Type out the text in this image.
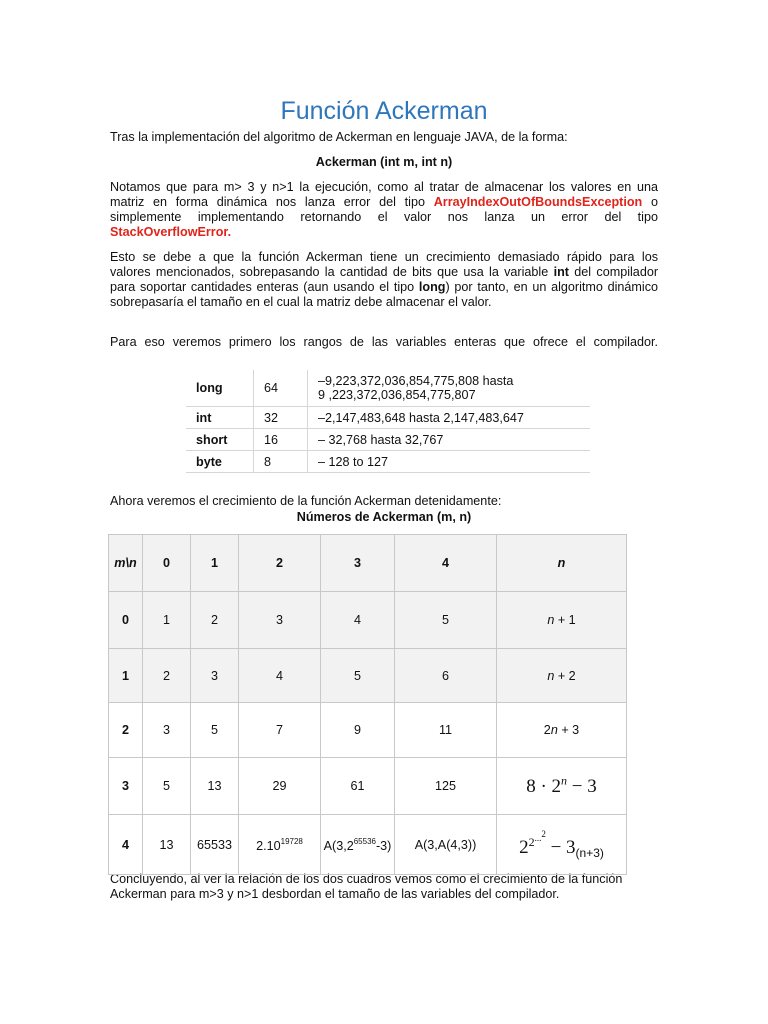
Función Ackerman

Tras la implementación del algoritmo de Ackerman en lenguaje JAVA, de la forma:

Ackerman (int m, int n)

Notamos que para m> 3 y n>1 la ejecución, como al tratar de almacenar los valores en una
matriz en forma dinámica nos lanza error del tipo ArrayIndexOutOfBoundsException o
simplemente implementando retornando el valor nos lanza un error del tipo
StackOverflowError.
Esto se debe a que la función Ackerman tiene un crecimiento demasiado rápido para los
valores mencionados, sobrepasando la cantidad de bits que usa la variable int del compilador
para soportar cantidades enteras (aun usando el tipo long) por tanto, en un algoritmo dinámico
sobrepasaría el tamaño en el cual la matriz debe almacenar el valor.

Para eso veremos primero los rangos de las variables enteras que ofrece el compilador.

long	64	–9,223,372,036,854,775,808 hasta
9 ,223,372,036,854,775,807

int	32	–2,147,483,648 hasta 2,147,483,647
short	16	– 32,768 hasta 32,767
byte	8	– 128 to 127

Ahora veremos el crecimiento de la función Ackerman detenidamente:

Números de Ackerman (m, n)

Concluyendo, al ver la relación de los dos cuadros vemos como el crecimiento de la función
Ackerman para m>3 y n>1 desbordan el tamaño de las variables del compilador.
m\n	0	1	2	3	4	n
0	1	2	3	4	5	n + 1
1	2	3	4	5	6	n + 2
2	3	5	7	9	11	2n + 3
3	5	13	29	61	125	$8 \cdot 2^n - 3$
4	13	65533	$2.10^{19728}$	$A(3,2^{65536}-3)$	A(3,A(4,3))	$2^{2^{...^2}} - 3_{(n+3)}$
